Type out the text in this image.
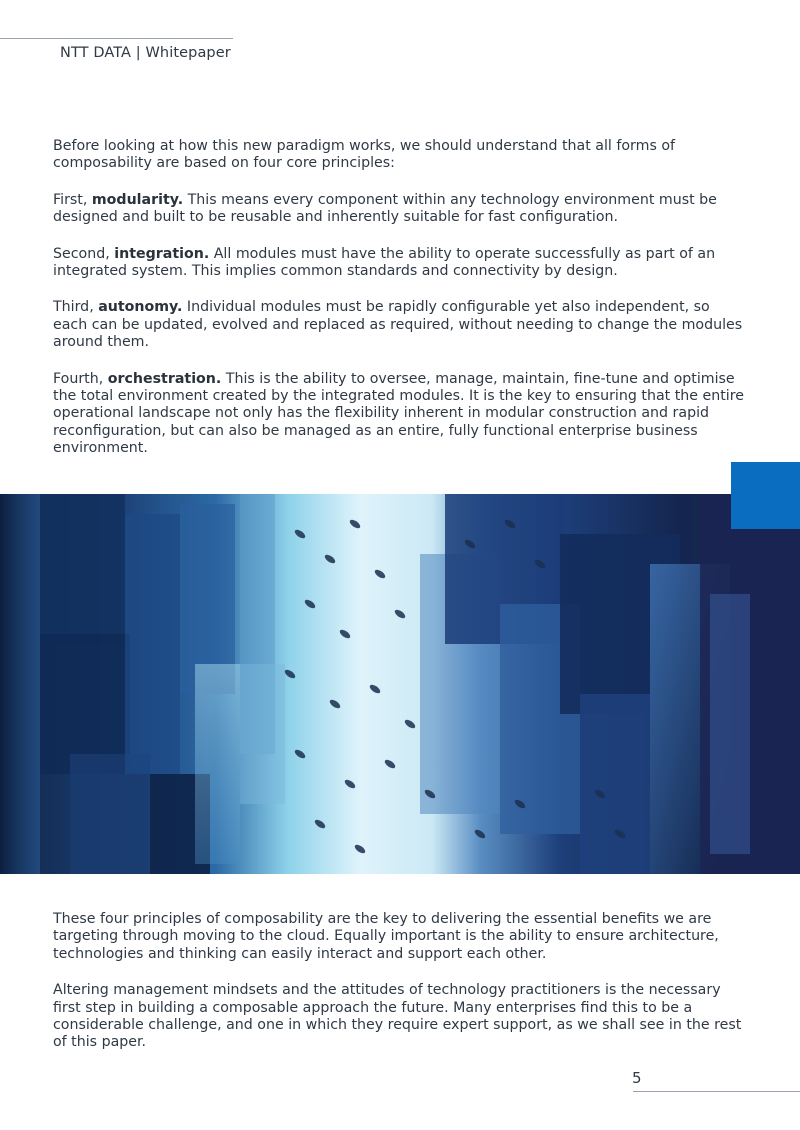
NTT DATA | Whitepaper

Before looking at how this new paradigm works, we should understand that all forms of composability are based on four core principles:

First, modularity. This means every component within any technology environment must be designed and built to be reusable and inherently suitable for fast configuration.

Second, integration. All modules must have the ability to operate successfully as part of an integrated system. This implies common standards and connectivity by design.

Third, autonomy. Individual modules must be rapidly configurable yet also independent, so each can be updated, evolved and replaced as required, without needing to change the modules around them.

Fourth, orchestration. This is the ability to oversee, manage, maintain, fine-tune and optimise the total environment created by the integrated modules. It is the key to ensuring that the entire operational landscape not only has the flexibility inherent in modular construction and rapid reconfiguration, but can also be managed as an entire, fully functional enterprise business environment.

These four principles of composability are the key to delivering the essential benefits we are targeting through moving to the cloud. Equally important is the ability to ensure architecture, technologies and thinking can easily interact and support each other.

Altering management mindsets and the attitudes of technology practitioners is the necessary first step in building a composable approach the future. Many enterprises find this to be a considerable challenge, and one in which they require expert support, as we shall see in the rest of this paper.

5
